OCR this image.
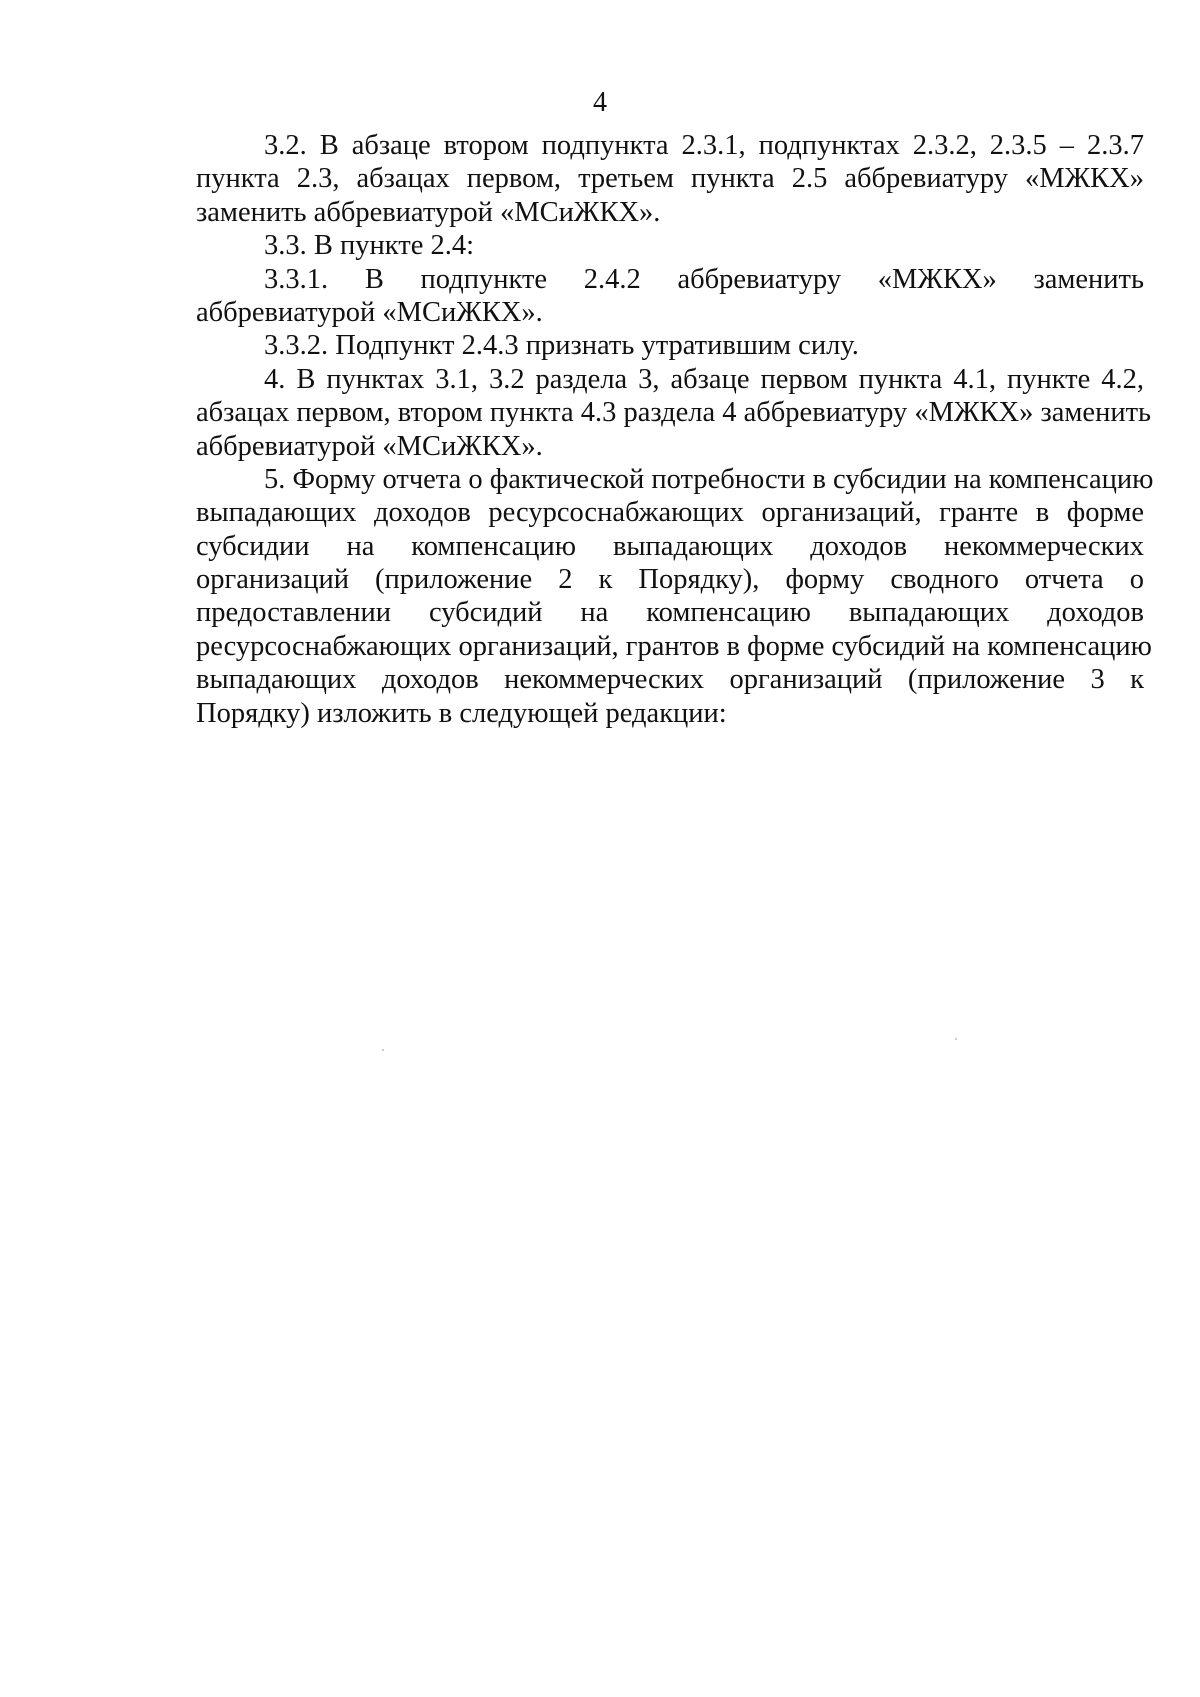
4
3.2. В абзаце втором подпункта 2.3.1, подпунктах 2.3.2, 2.3.5 – 2.3.7
пункта 2.3, абзацах первом, третьем пункта 2.5 аббревиатуру «МЖКХ»
заменить аббревиатурой «МСиЖКХ».
3.3. В пункте 2.4:
3.3.1. В подпункте 2.4.2 аббревиатуру «МЖКХ» заменить
аббревиатурой «МСиЖКХ».
3.3.2. Подпункт 2.4.3 признать утратившим силу.
4. В пунктах 3.1, 3.2 раздела 3, абзаце первом пункта 4.1, пункте 4.2,
абзацах первом, втором пункта 4.3 раздела 4 аббревиатуру «МЖКХ» заменить
аббревиатурой «МСиЖКХ».
5. Форму отчета о фактической потребности в субсидии на компенсацию
выпадающих доходов ресурсоснабжающих организаций, гранте в форме
субсидии на компенсацию выпадающих доходов некоммерческих
организаций (приложение 2 к Порядку), форму сводного отчета о
предоставлении субсидий на компенсацию выпадающих доходов
ресурсоснабжающих организаций, грантов в форме субсидий на компенсацию
выпадающих доходов некоммерческих организаций (приложение 3 к
Порядку) изложить в следующей редакции:
